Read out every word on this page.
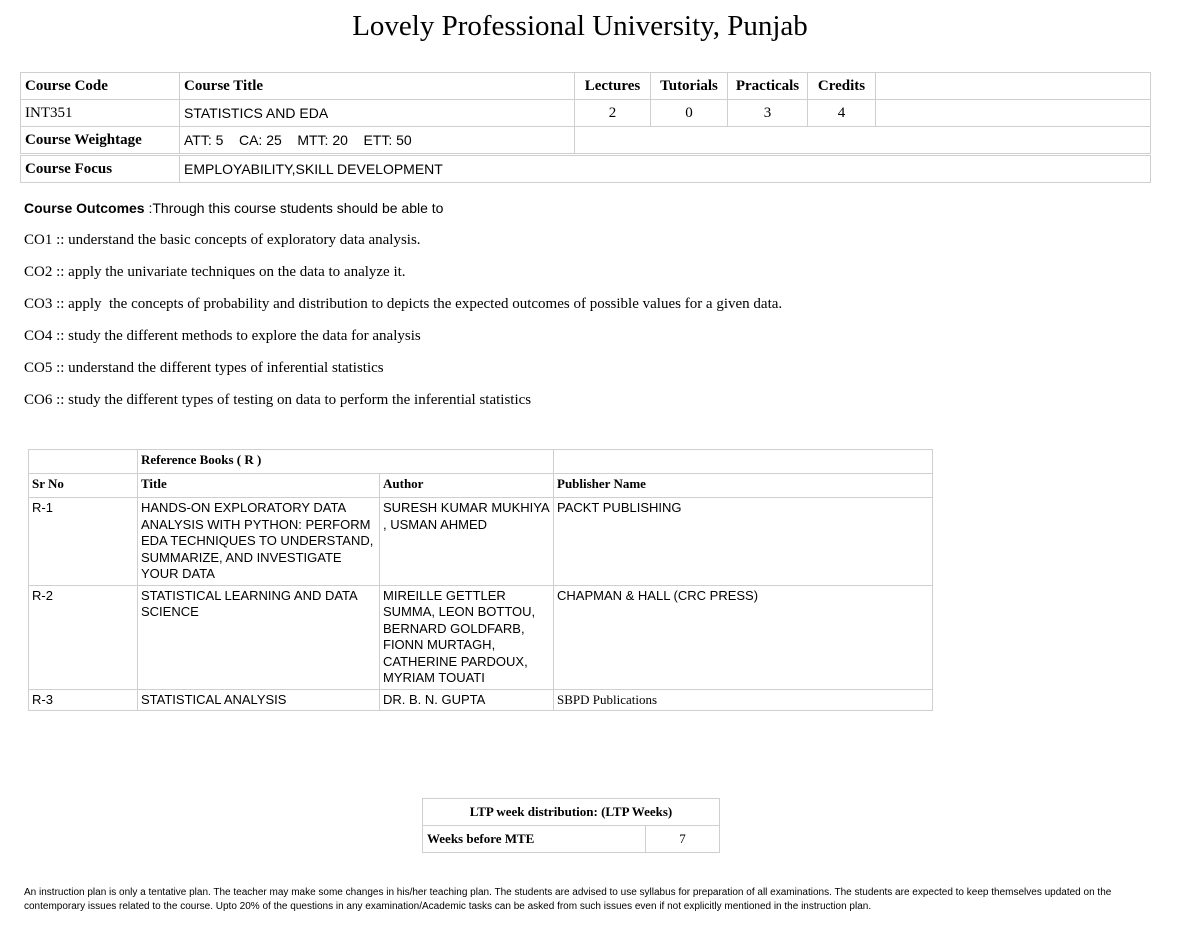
Lovely Professional University, Punjab
Course Code	Course Title	Lectures	Tutorials	Practicals	Credits	
INT351	STATISTICS AND EDA	2	0	3	4	
Course Weightage	ATT: 5    CA: 25    MTT: 20    ETT: 50					

Course Focus	EMPLOYABILITY,SKILL DEVELOPMENT					
Course Outcomes :Through this course students should be able to
CO1 :: understand the basic concepts of exploratory data analysis.
CO2 :: apply the univariate techniques on the data to analyze it.
CO3 :: apply  the concepts of probability and distribution to depicts the expected outcomes of possible values for a given data.
CO4 :: study the different methods to explore the data for analysis
CO5 :: understand the different types of inferential statistics
CO6 :: study the different types of testing on data to perform the inferential statistics
	Reference Books ( R )		
Sr No	Title	Author	Publisher Name
R-1	HANDS-ON EXPLORATORY DATA ANALYSIS WITH PYTHON: PERFORM EDA TECHNIQUES TO UNDERSTAND, SUMMARIZE, AND INVESTIGATE YOUR DATA	SURESH KUMAR MUKHIYA , USMAN AHMED	PACKT PUBLISHING
R-2	STATISTICAL LEARNING AND DATA SCIENCE	MIREILLE GETTLER SUMMA, LEON BOTTOU, BERNARD GOLDFARB, FIONN MURTAGH, CATHERINE PARDOUX, MYRIAM TOUATI	CHAPMAN & HALL (CRC PRESS)
R-3	STATISTICAL ANALYSIS	DR. B. N. GUPTA	SBPD Publications
LTP week distribution: (LTP Weeks)
Weeks before MTE	7
An instruction plan is only a tentative plan. The teacher may make some changes in his/her teaching plan. The students are advised to use syllabus for preparation of all examinations. The students are expected to keep themselves updated on the contemporary issues related to the course. Upto 20% of the questions in any examination/Academic tasks can be asked from such issues even if not explicitly mentioned in the instruction plan.
